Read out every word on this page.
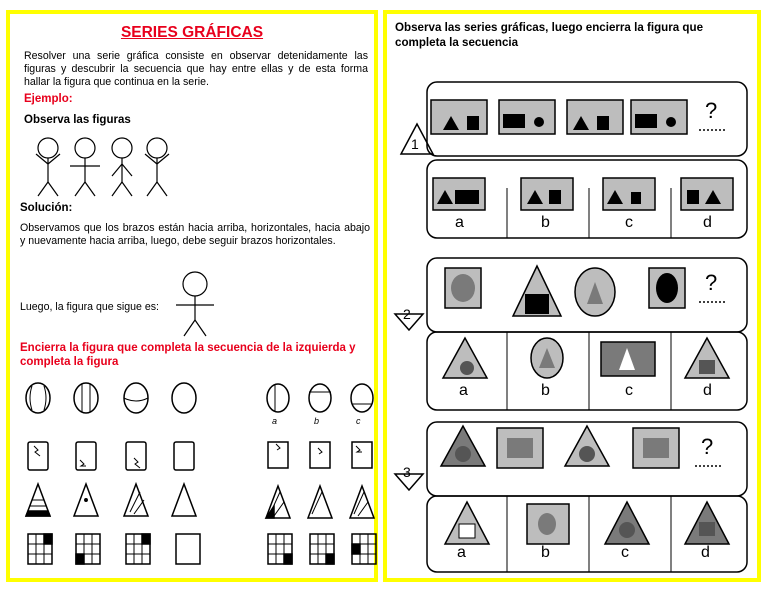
SERIES GRÁFICAS
Resolver una serie gráfica consiste en observar detenidamente las figuras y descubrir la secuencia que hay entre ellas y de esta forma hallar la figura que continua en la serie.
Ejemplo:
Observa las figuras
Solución:
Observamos que los brazos están hacia arriba, horizontales, hacia abajo y nuevamente hacia arriba, luego, debe seguir brazos horizontales.
Luego, la figura que sigue es:
Encierra la figura que completa la secuencia de la izquierda y completa la figura
a	b	c
Observa las series gráficas, luego encierra la figura que completa la secuencia
1
2
3
?
?
?
a	b	c	d
a	b	c	d
a	b	c	d
